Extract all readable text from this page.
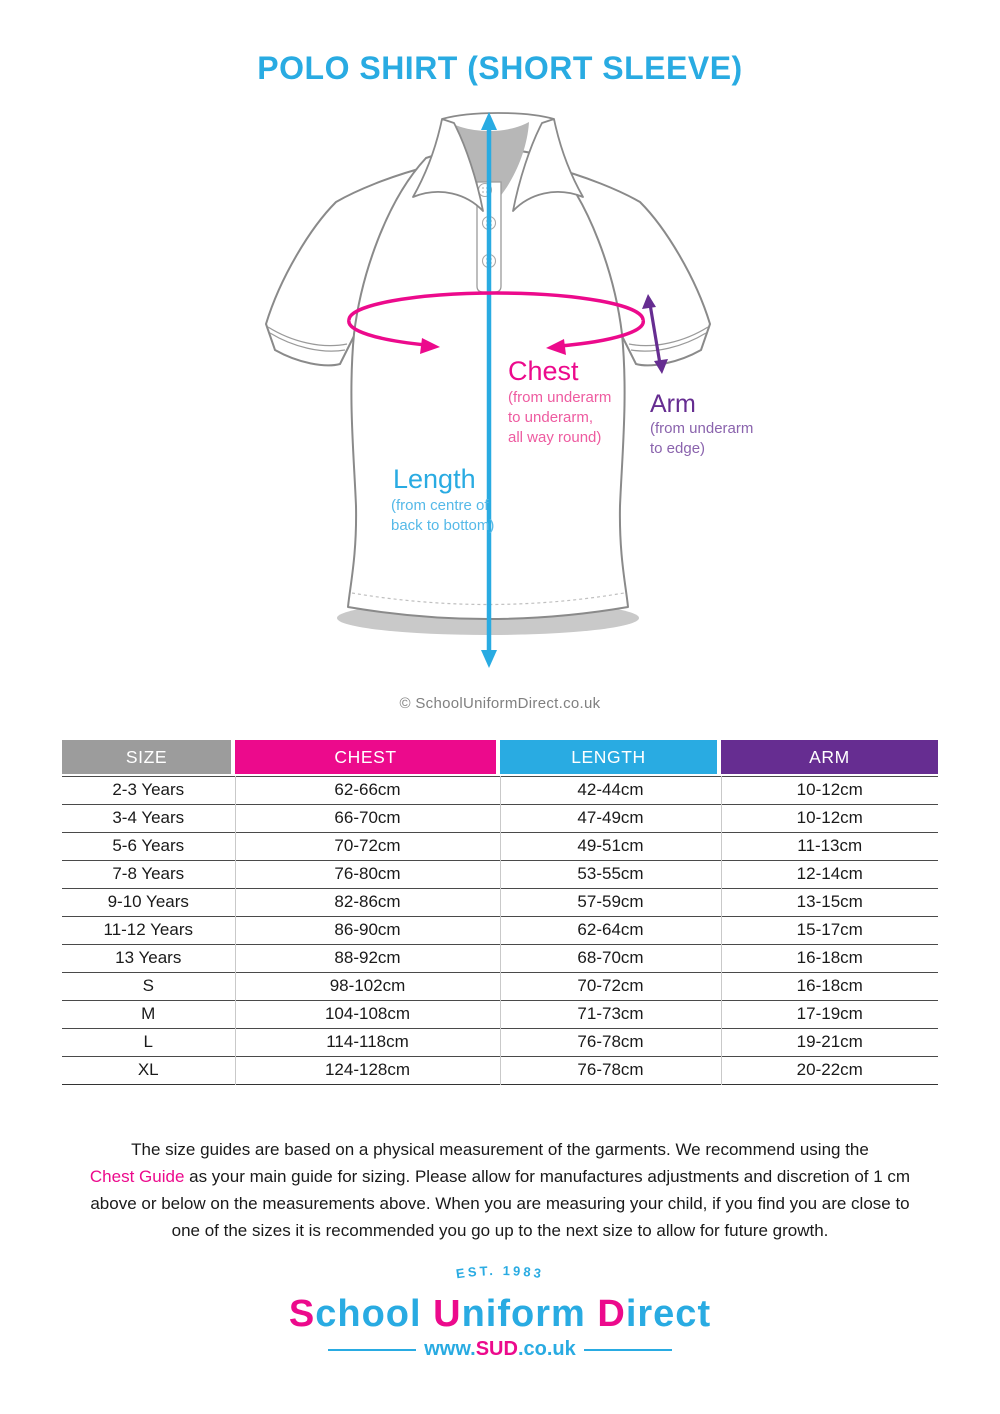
POLO SHIRT (SHORT SLEEVE)
Chest
(from underarm
to underarm,
all way round)
Arm
(from underarm
to edge)
Length
(from centre of
back to bottom)
© SchoolUniformDirect.co.uk
SIZE	CHEST	LENGTH	ARM
2-3 Years	62-66cm	42-44cm	10-12cm
3-4 Years	66-70cm	47-49cm	10-12cm
5-6 Years	70-72cm	49-51cm	11-13cm
7-8 Years	76-80cm	53-55cm	12-14cm
9-10 Years	82-86cm	57-59cm	13-15cm
11-12 Years	86-90cm	62-64cm	15-17cm
13 Years	88-92cm	68-70cm	16-18cm
S	98-102cm	70-72cm	16-18cm
M	104-108cm	71-73cm	17-19cm
L	114-118cm	76-78cm	19-21cm
XL	124-128cm	76-78cm	20-22cm
The size guides are based on a physical measurement of the garments. We recommend using the
Chest Guide as your main guide for sizing. Please allow for manufactures adjustments and discretion of 1 cm
above or below on the measurements above. When you are measuring your child, if you find you are close to
one of the sizes it is recommended you go up to the next size to allow for future growth.
EST. 1983
School Uniform Direct
www.SUD.co.uk
